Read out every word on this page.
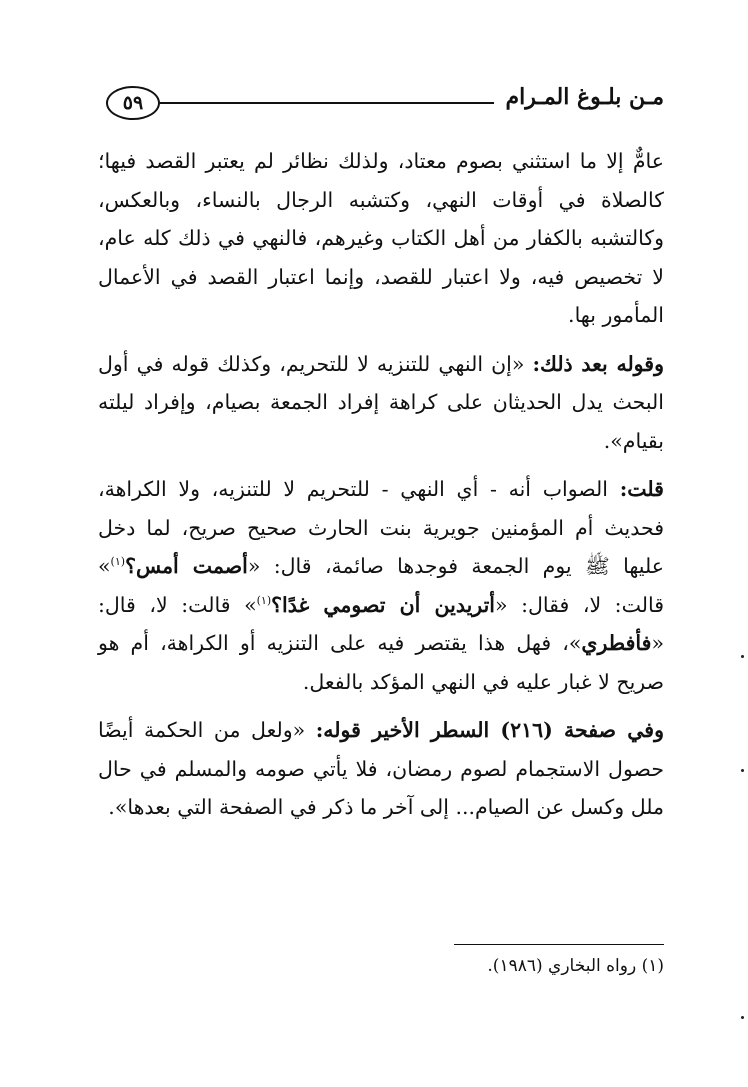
٥٩	مـن بلـوغ المـرام

عامٌّ إلا ما استثني بصوم معتاد، ولذلك نظائر لم يعتبر القصد فيها؛ كالصلاة في أوقات النهي، وكتشبه الرجال بالنساء، وبالعكس، وكالتشبه بالكفار من أهل الكتاب وغيرهم، فالنهي في ذلك كله عام، لا تخصيص فيه، ولا اعتبار للقصد، وإنما اعتبار القصد في الأعمال المأمور بها.

وقوله بعد ذلك: «إن النهي للتنزيه لا للتحريم، وكذلك قوله في أول البحث يدل الحديثان على كراهة إفراد الجمعة بصيام، وإفراد ليلته بقيام».

قلت: الصواب أنه - أي النهي - للتحريم لا للتنزيه، ولا الكراهة، فحديث أم المؤمنين جويرية بنت الحارث صحيح صريح، لما دخل عليها ﷺ يوم الجمعة فوجدها صائمة، قال: «أصمت أمس؟$^{(١)}$» قالت: لا، فقال: «أتريدين أن تصومي غدًا؟$^{(١)}$» قالت: لا، قال: «فأفطري»، فهل هذا يقتصر فيه على التنزيه أو الكراهة، أم هو صريح لا غبار عليه في النهي المؤكد بالفعل.

وفي صفحة (٢١٦) السطر الأخير قوله: «ولعل من الحكمة أيضًا حصول الاستجمام لصوم رمضان، فلا يأتي صومه والمسلم في حال ملل وكسل عن الصيام... إلى آخر ما ذكر في الصفحة التي بعدها».

(١) رواه البخاري (١٩٨٦).
